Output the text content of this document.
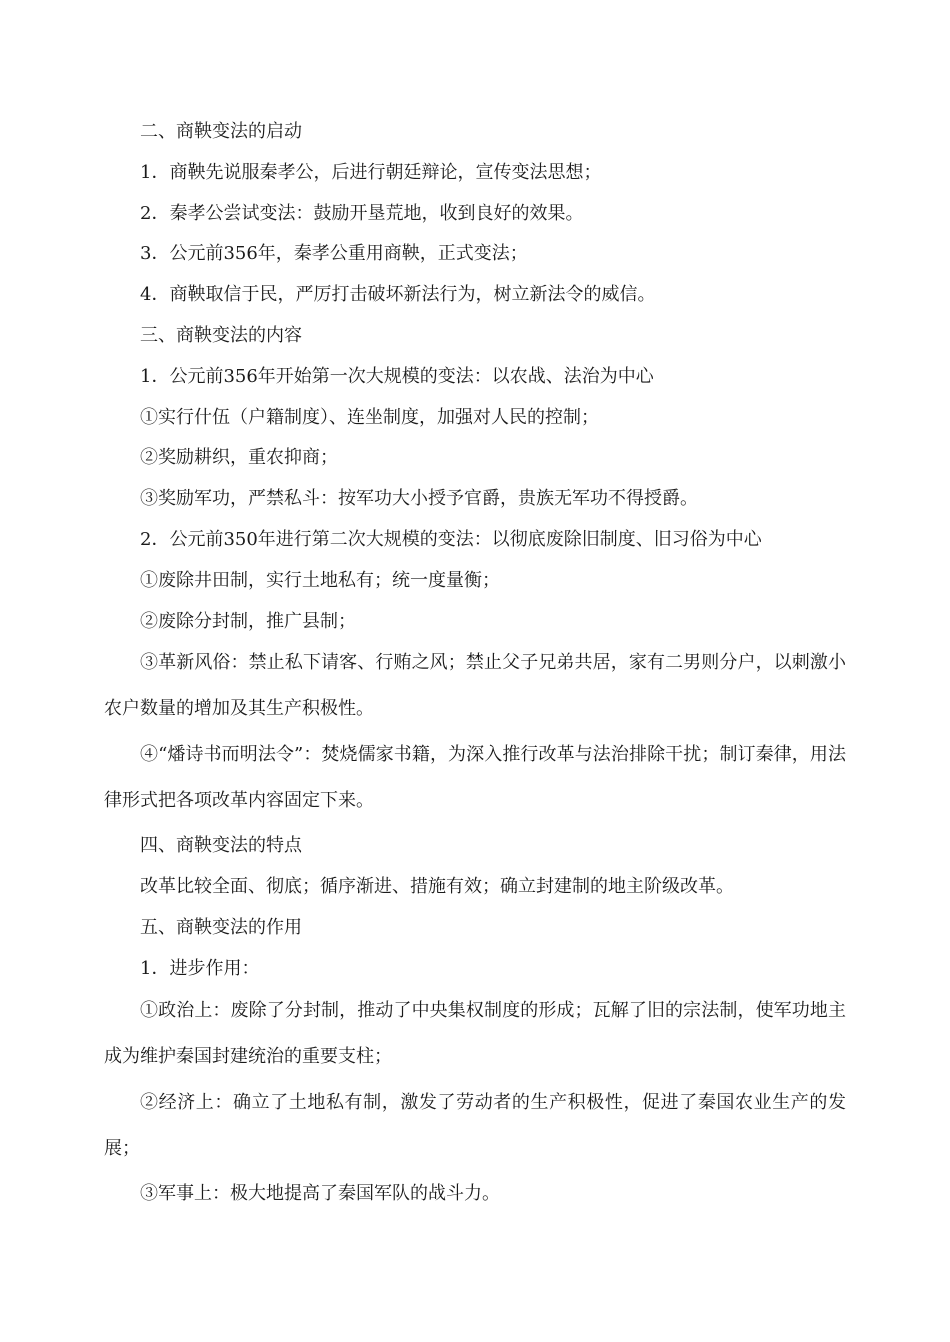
二、商鞅变法的启动

1．商鞅先说服秦孝公，后进行朝廷辩论，宣传变法思想；

2．秦孝公尝试变法：鼓励开垦荒地，收到良好的效果。

3．公元前356年，秦孝公重用商鞅，正式变法；

4．商鞅取信于民，严厉打击破坏新法行为，树立新法令的威信。

三、商鞅变法的内容

1．公元前356年开始第一次大规模的变法：以农战、法治为中心

①实行什伍（户籍制度）、连坐制度，加强对人民的控制；

②奖励耕织，重农抑商；

③奖励军功，严禁私斗：按军功大小授予官爵，贵族无军功不得授爵。

2．公元前350年进行第二次大规模的变法：以彻底废除旧制度、旧习俗为中心

①废除井田制，实行土地私有；统一度量衡；

②废除分封制，推广县制；

③革新风俗：禁止私下请客、行贿之风；禁止父子兄弟共居，家有二男则分户，以刺激小农户数量的增加及其生产积极性。

④“燔诗书而明法令”：焚烧儒家书籍，为深入推行改革与法治排除干扰；制订秦律，用法律形式把各项改革内容固定下来。

四、商鞅变法的特点

改革比较全面、彻底；循序渐进、措施有效；确立封建制的地主阶级改革。

五、商鞅变法的作用

1．进步作用：

①政治上：废除了分封制，推动了中央集权制度的形成；瓦解了旧的宗法制，使军功地主成为维护秦国封建统治的重要支柱；

②经济上：确立了土地私有制，激发了劳动者的生产积极性，促进了秦国农业生产的发展；

③军事上：极大地提高了秦国军队的战斗力。
